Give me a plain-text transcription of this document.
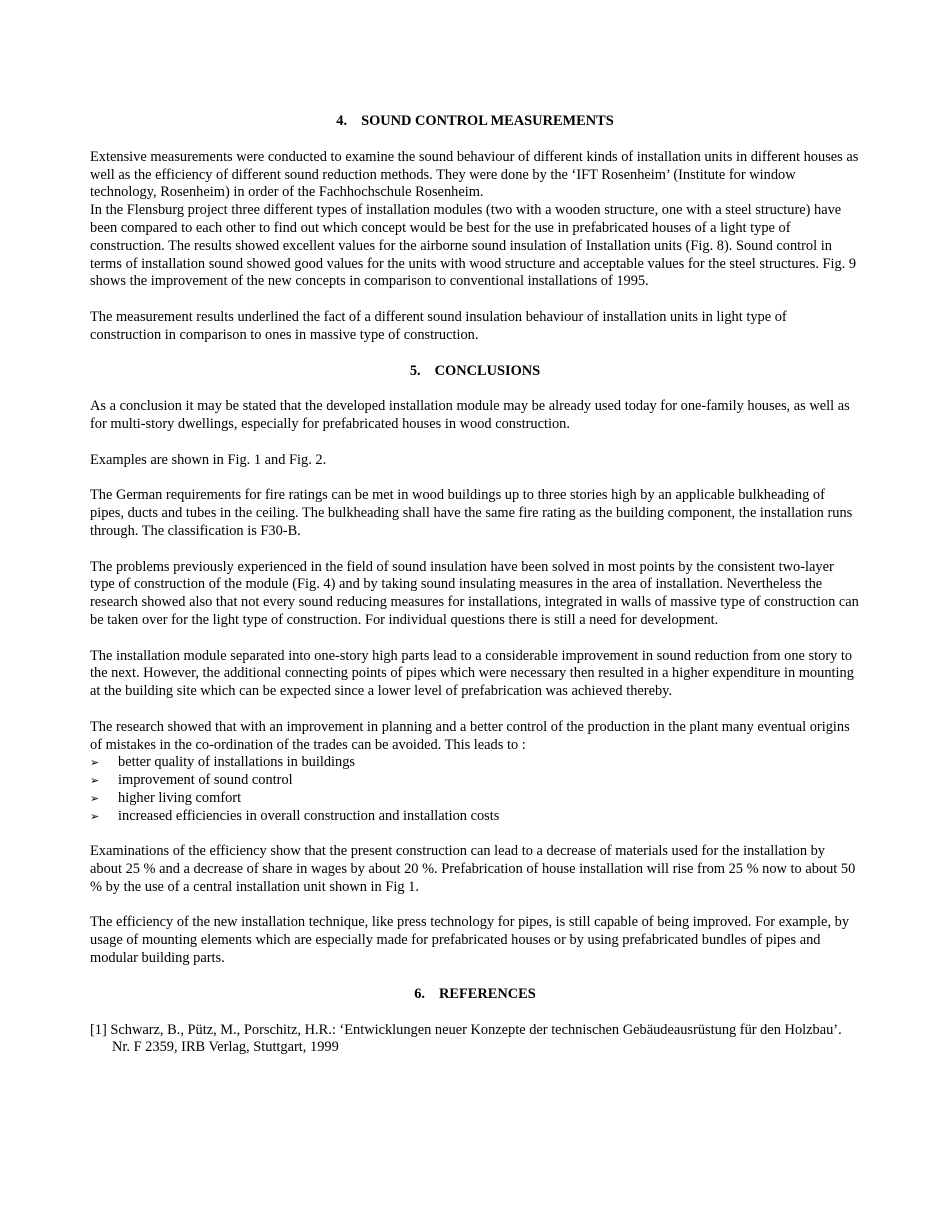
4. SOUND CONTROL MEASUREMENTS

Extensive measurements were conducted to examine the sound behaviour of different kinds of installation units in different houses as well as the efficiency of different sound reduction methods. They were done by the ‘IFT Rosenheim’ (Institute for window technology, Rosenheim) in order of the Fachhochschule Rosenheim.

In the Flensburg project three different types of installation modules (two with a wooden structure, one with a steel structure) have been compared to each other to find out which concept would be best for the use in prefabricated houses of a light type of construction. The results showed excellent values for the airborne sound insulation of Installation units (Fig. 8). Sound control in terms of installation sound showed good values for the units with wood structure and acceptable values for the steel structures. Fig. 9 shows the improvement of the new concepts in comparison to conventional installations of 1995.

The measurement results underlined the fact of a different sound insulation behaviour of installation units in light type of construction in comparison to ones in massive type of construction.

5. CONCLUSIONS

As a conclusion it may be stated that the developed installation module may be already used today for one-family houses, as well as for multi-story dwellings, especially for prefabricated houses in wood construction.

Examples are shown in Fig. 1 and Fig. 2.

The German requirements for fire ratings can be met in wood buildings up to three stories high by an applicable bulkheading of pipes, ducts and tubes in the ceiling. The bulkheading shall have the same fire rating as the building component, the installation runs through. The classification is F30-B.

The problems previously experienced in the field of sound insulation have been solved in most points by the consistent two-layer type of construction of the module (Fig. 4) and by taking sound insulating measures in the area of installation. Nevertheless the research showed also that not every sound reducing measures for installations, integrated in walls of massive type of construction can be taken over for the light type of construction. For individual questions there is still a need for development.

The installation module separated into one-story high parts lead to a considerable improvement in sound reduction from one story to the next. However, the additional connecting points of pipes which were necessary then resulted in a higher expenditure in mounting at the building site which can be expected since a lower level of prefabrication was achieved thereby.

The research showed that with an improvement in planning and a better control of the production in the plant many eventual origins of mistakes in the co-ordination of the trades can be avoided. This leads to :

➢	better quality of installations in buildings
➢	improvement of sound control
➢	higher living comfort
➢	increased efficiencies in overall construction and installation costs

Examinations of the efficiency show that the present construction can lead to a decrease of materials used for the installation by about 25 % and a decrease of share in wages by about 20 %. Prefabrication of house installation will rise from 25 % now to about 50 % by the use of a central installation unit shown in Fig 1.

The efficiency of the new installation technique, like press technology for pipes, is still capable of being improved. For example, by usage of mounting elements which are especially made for prefabricated houses or by using prefabricated bundles of pipes and modular building parts.

6. REFERENCES

[1] Schwarz, B., Pütz, M., Porschitz, H.R.: ‘Entwicklungen neuer Konzepte der technischen Gebäudeausrüstung für den Holzbau’. Nr. F 2359, IRB Verlag, Stuttgart, 1999
